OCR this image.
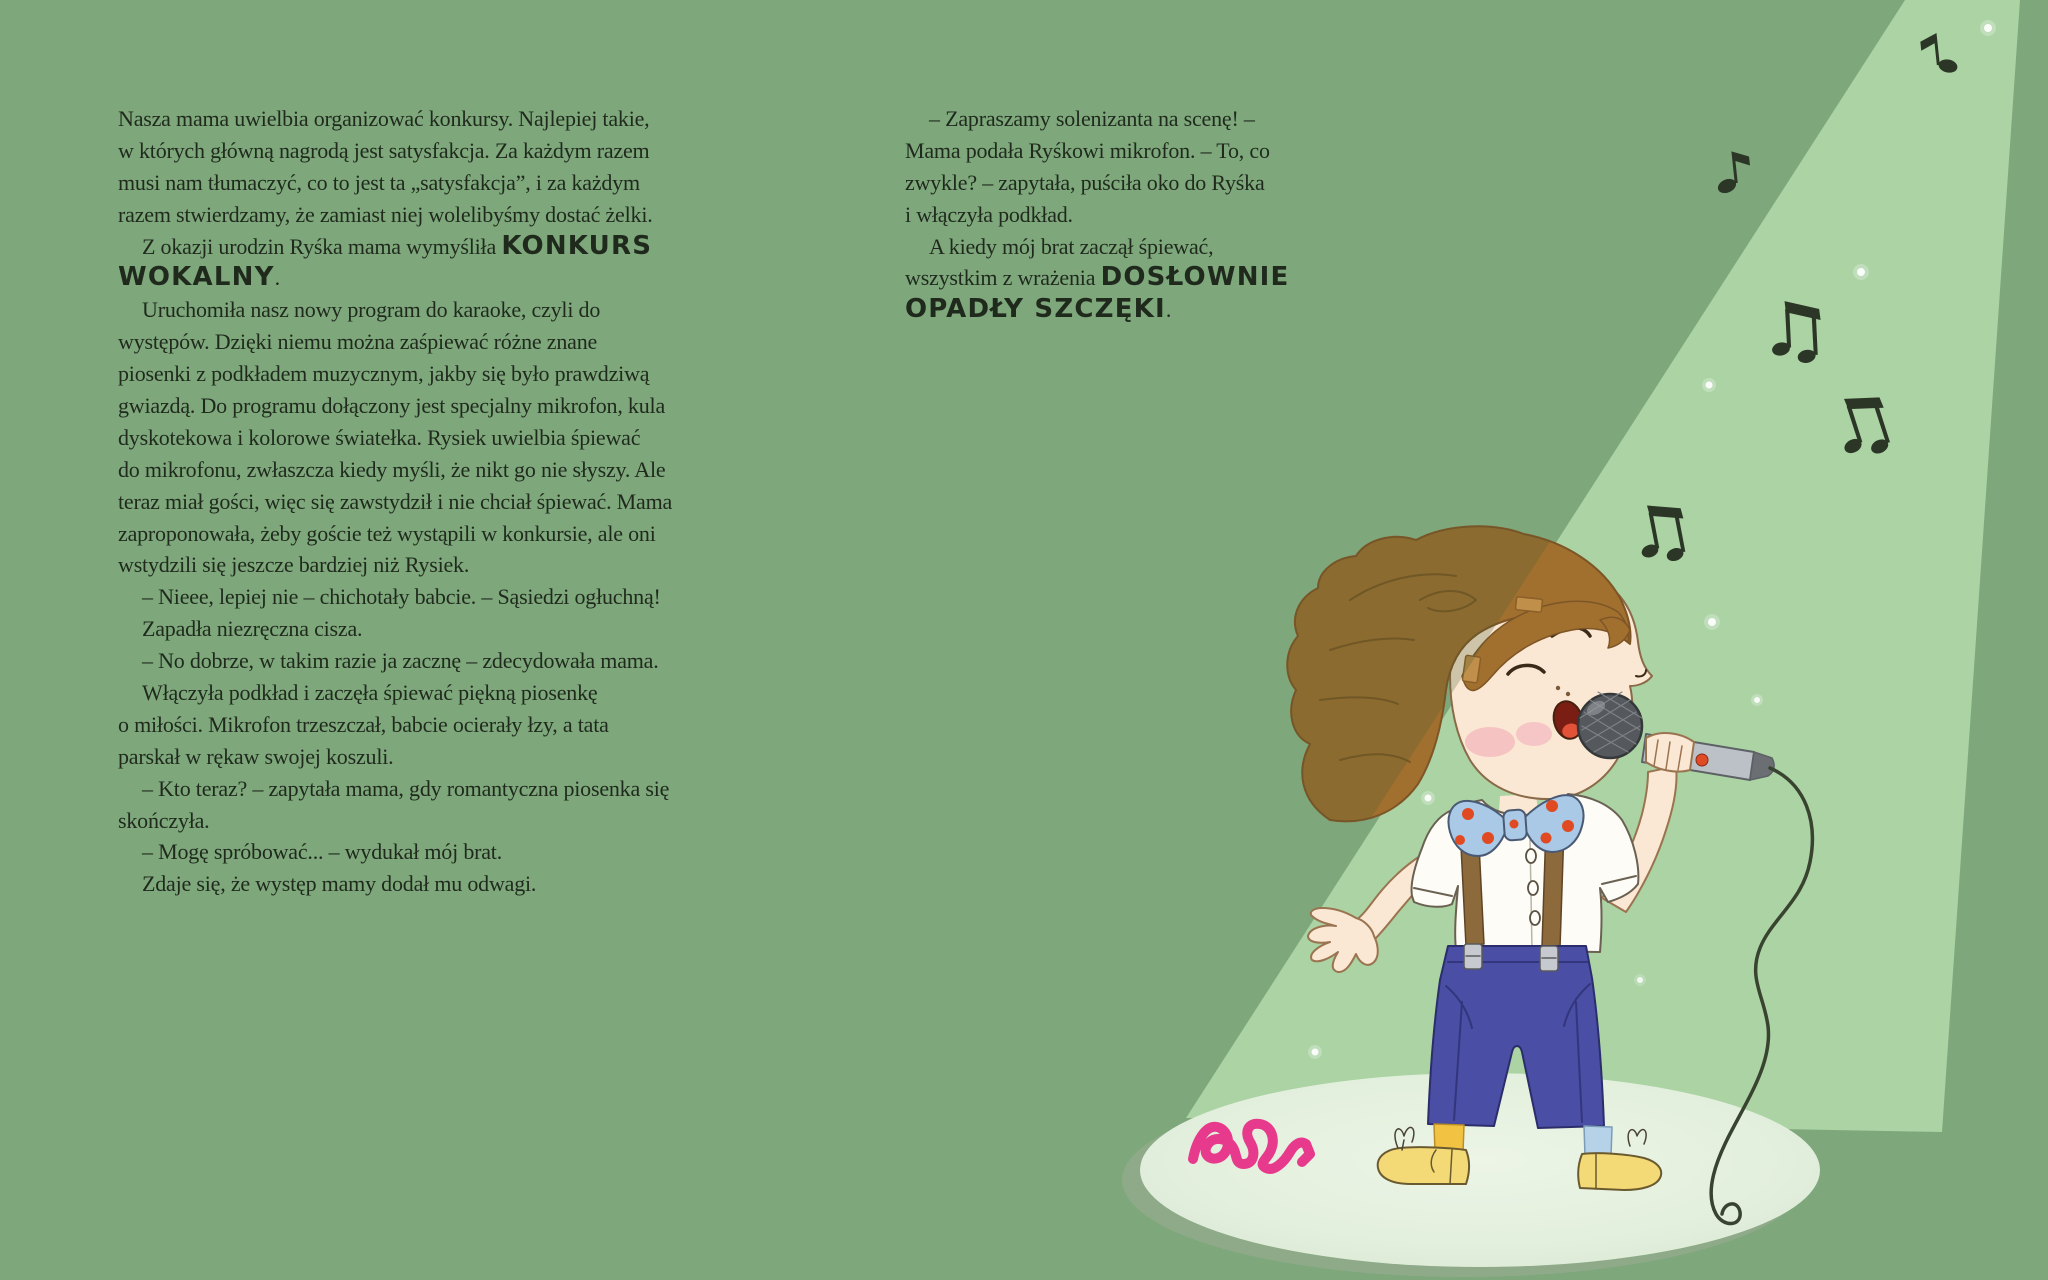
Nasza mama uwielbia organizować konkursy. Najlepiej takie,
w których główną nagrodą jest satysfakcja. Za każdym razem
musi nam tłumaczyć, co to jest ta „satysfakcja”, i za każdym
razem stwierdzamy, że zamiast niej wolelibyśmy dostać żelki.
Z okazji urodzin Ryśka mama wymyśliła KONKURS
WOKALNY.
Uruchomiła nasz nowy program do karaoke, czyli do
występów. Dzięki niemu można zaśpiewać różne znane
piosenki z podkładem muzycznym, jakby się było prawdziwą
gwiazdą. Do programu dołączony jest specjalny mikrofon, kula
dyskotekowa i kolorowe światełka. Rysiek uwielbia śpiewać
do mikrofonu, zwłaszcza kiedy myśli, że nikt go nie słyszy. Ale
teraz miał gości, więc się zawstydził i nie chciał śpiewać. Mama
zaproponowała, żeby goście też wystąpili w konkursie, ale oni
wstydzili się jeszcze bardziej niż Rysiek.
– Nieee, lepiej nie – chichotały babcie. – Sąsiedzi ogłuchną!
Zapadła niezręczna cisza.
– No dobrze, w takim razie ja zacznę – zdecydowała mama.
Włączyła podkład i zaczęła śpiewać piękną piosenkę
o miłości. Mikrofon trzeszczał, babcie ocierały łzy, a tata
parskał w rękaw swojej koszuli.
– Kto teraz? – zapytała mama, gdy romantyczna piosenka się
skończyła.
– Mogę spróbować... – wydukał mój brat.
Zdaje się, że występ mamy dodał mu odwagi.
– Zapraszamy solenizanta na scenę! –
Mama podała Ryśkowi mikrofon. – To, co
zwykle? – zapytała, puściła oko do Ryśka
i włączyła podkład.
A kiedy mój brat zaczął śpiewać,
wszystkim z wrażenia DOSŁOWNIE
OPADŁY SZCZĘKI.
